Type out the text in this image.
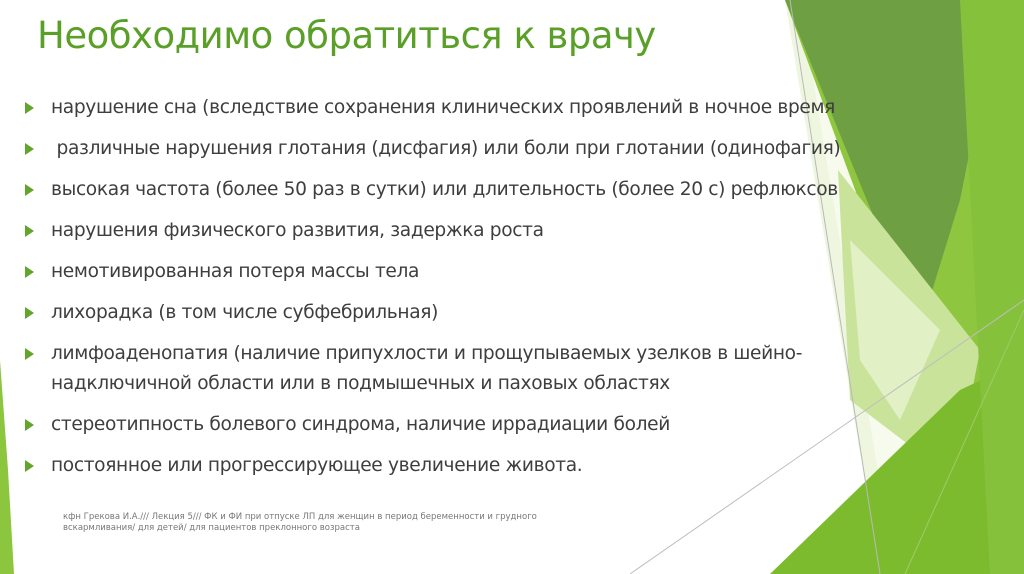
Необходимо обратиться к врачу
нарушение сна (вследствие сохранения клинических проявлений в ночное время
различные нарушения глотания (дисфагия) или боли при глотании (одинофагия)
высокая частота (более 50 раз в сутки) или длительность (более 20 с) рефлюксов
нарушения физического развития, задержка роста
немотивированная потеря массы тела
лихорадка (в том числе субфебрильная)
лимфоаденопатия (наличие припухлости и прощупываемых узелков в шейно-надключичной области или в подмышечных и паховых областях
стереотипность болевого синдрома, наличие иррадиации болей
постоянное или прогрессирующее увеличение живота.

кфн Грекова И.А./// Лекция 5/// ФК и ФИ при отпуске ЛП для женщин в период беременности и грудного вскармливания/ для детей/ для пациентов преклонного возраста
